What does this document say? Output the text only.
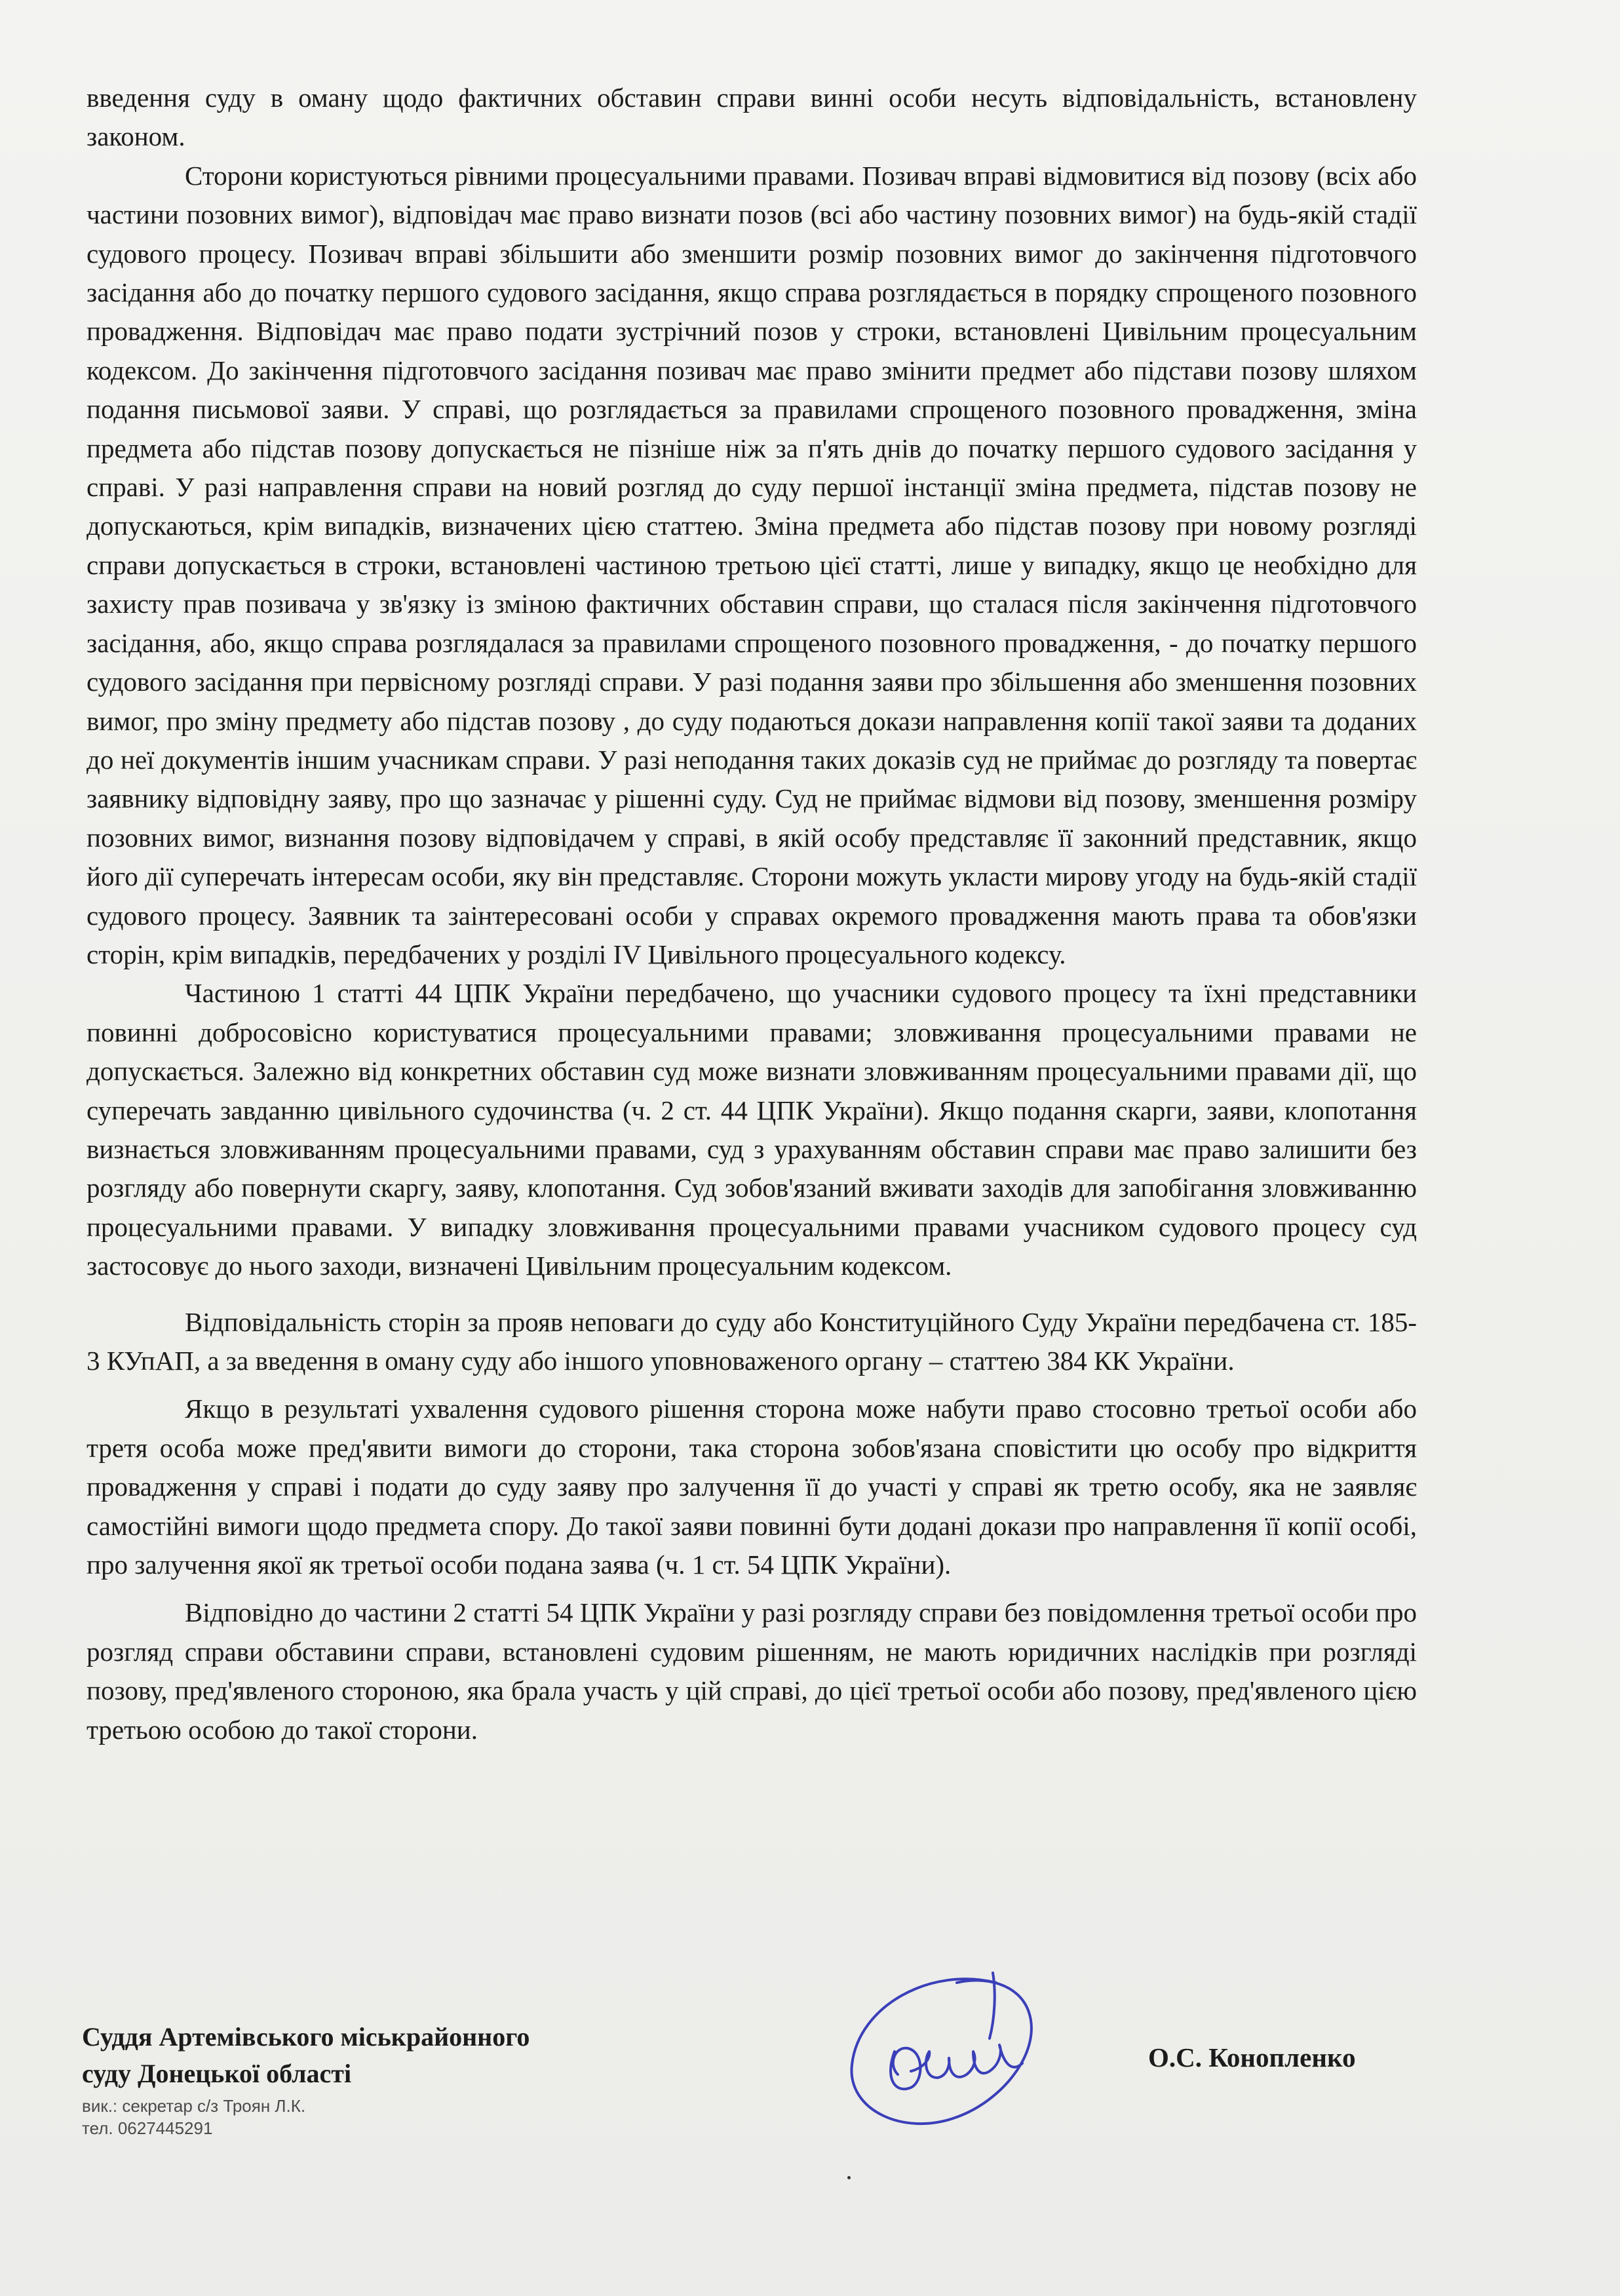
введення суду в оману щодо фактичних обставин справи винні особи несуть відповідальність, встановлену законом.

Сторони користуються рівними процесуальними правами. Позивач вправі відмовитися від позову (всіх або частини позовних вимог), відповідач має право визнати позов (всі або частину позовних вимог) на будь-якій стадії судового процесу. Позивач вправі збільшити або зменшити розмір позовних вимог до закінчення підготовчого засідання або до початку першого судового засідання, якщо справа розглядається в порядку спрощеного позовного провадження. Відповідач має право подати зустрічний позов у строки, встановлені Цивільним процесуальним кодексом. До закінчення підготовчого засідання позивач має право змінити предмет або підстави позову шляхом подання письмової заяви. У справі, що розглядається за правилами спрощеного позовного провадження, зміна предмета або підстав позову допускається не пізніше ніж за п'ять днів до початку першого судового засідання у справі. У разі направлення справи на новий розгляд до суду першої інстанції зміна предмета, підстав позову не допускаються, крім випадків, визначених цією статтею. Зміна предмета або підстав позову при новому розгляді справи допускається в строки, встановлені частиною третьою цієї статті, лише у випадку, якщо це необхідно для захисту прав позивача у зв'язку із зміною фактичних обставин справи, що сталася після закінчення підготовчого засідання, або, якщо справа розглядалася за правилами спрощеного позовного провадження, - до початку першого судового засідання при первісному розгляді справи. У разі подання заяви про збільшення або зменшення позовних вимог, про зміну предмету або підстав позову , до суду подаються докази направлення копії такої заяви та доданих до неї документів іншим учасникам справи. У разі неподання таких доказів суд не приймає до розгляду та повертає заявнику відповідну заяву, про що зазначає у рішенні суду. Суд не приймає відмови від позову, зменшення розміру позовних вимог, визнання позову відповідачем у справі, в якій особу представляє її законний представник, якщо його дії суперечать інтересам особи, яку він представляє. Сторони можуть укласти мирову угоду на будь-якій стадії судового процесу. Заявник та заінтересовані особи у справах окремого провадження мають права та обов'язки сторін, крім випадків, передбачених у розділі IV Цивільного процесуального кодексу.

Частиною 1 статті 44 ЦПК України передбачено, що учасники судового процесу та їхні представники повинні добросовісно користуватися процесуальними правами; зловживання процесуальними правами не допускається. Залежно від конкретних обставин суд може визнати зловживанням процесуальними правами дії, що суперечать завданню цивільного судочинства (ч. 2 ст. 44 ЦПК України). Якщо подання скарги, заяви, клопотання визнається зловживанням процесуальними правами, суд з урахуванням обставин справи має право залишити без розгляду або повернути скаргу, заяву, клопотання. Суд зобов'язаний вживати заходів для запобігання зловживанню процесуальними правами. У випадку зловживання процесуальними правами учасником судового процесу суд застосовує до нього заходи, визначені Цивільним процесуальним кодексом.

Відповідальність сторін за прояв неповаги до суду або Конституційного Суду України передбачена ст. 185-3 КУпАП, а за введення в оману суду або іншого уповноваженого органу – статтею 384 КК України.

Якщо в результаті ухвалення судового рішення сторона може набути право стосовно третьої особи або третя особа може пред'явити вимоги до сторони, така сторона зобов'язана сповістити цю особу про відкриття провадження у справі і подати до суду заяву про залучення її до участі у справі як третю особу, яка не заявляє самостійні вимоги щодо предмета спору. До такої заяви повинні бути додані докази про направлення її копії особі, про залучення якої як третьої особи подана заява (ч. 1 ст. 54 ЦПК України).

Відповідно до частини 2 статті 54 ЦПК України у разі розгляду справи без повідомлення третьої особи про розгляд справи обставини справи, встановлені судовим рішенням, не мають юридичних наслідків при розгляді позову, пред'явленого стороною, яка брала участь у цій справі, до цієї третьої особи або позову, пред'явленого цією третьою особою до такої сторони.

Суддя Артемівського міськрайонного
суду Донецької області
вик.: секретар с/з Троян Л.К.
тел. 0627445291
О.С. Конопленко
